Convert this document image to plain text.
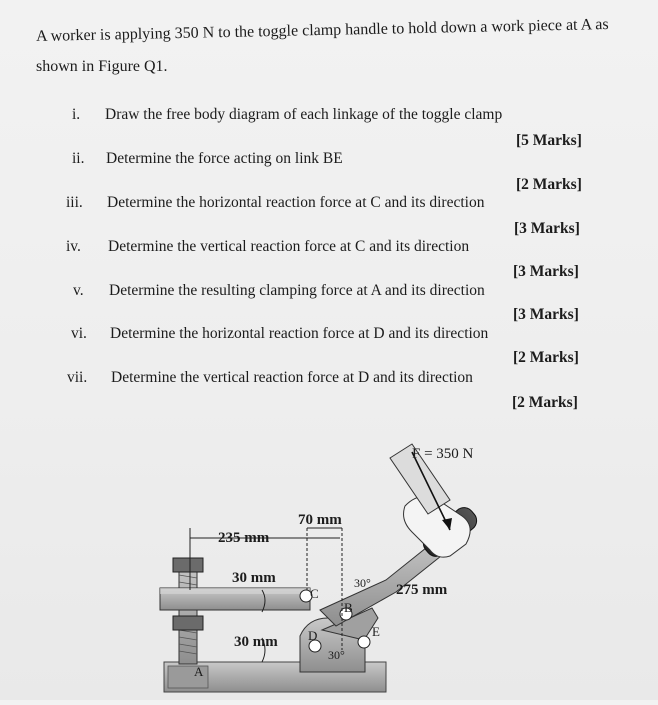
A worker is applying 350 N to the toggle clamp handle to hold down a work piece at A as
shown in Figure Q1.
i.	Draw the free body diagram of each linkage of the toggle clamp
[5 Marks]
ii.	Determine the force acting on link BE
[2 Marks]
iii.	Determine the horizontal reaction force at C and its direction
[3 Marks]
iv.	Determine the vertical reaction force at C and its direction
[3 Marks]
v.	Determine the resulting clamping force at A and its direction
[3 Marks]
vi.	Determine the horizontal reaction force at D and its direction
[2 Marks]
vii.	Determine the vertical reaction force at D and its direction
[2 Marks]
F = 350 N
70 mm
235 mm
30 mm
30 mm
275 mm
30°
30°
A
B
C
D	E
